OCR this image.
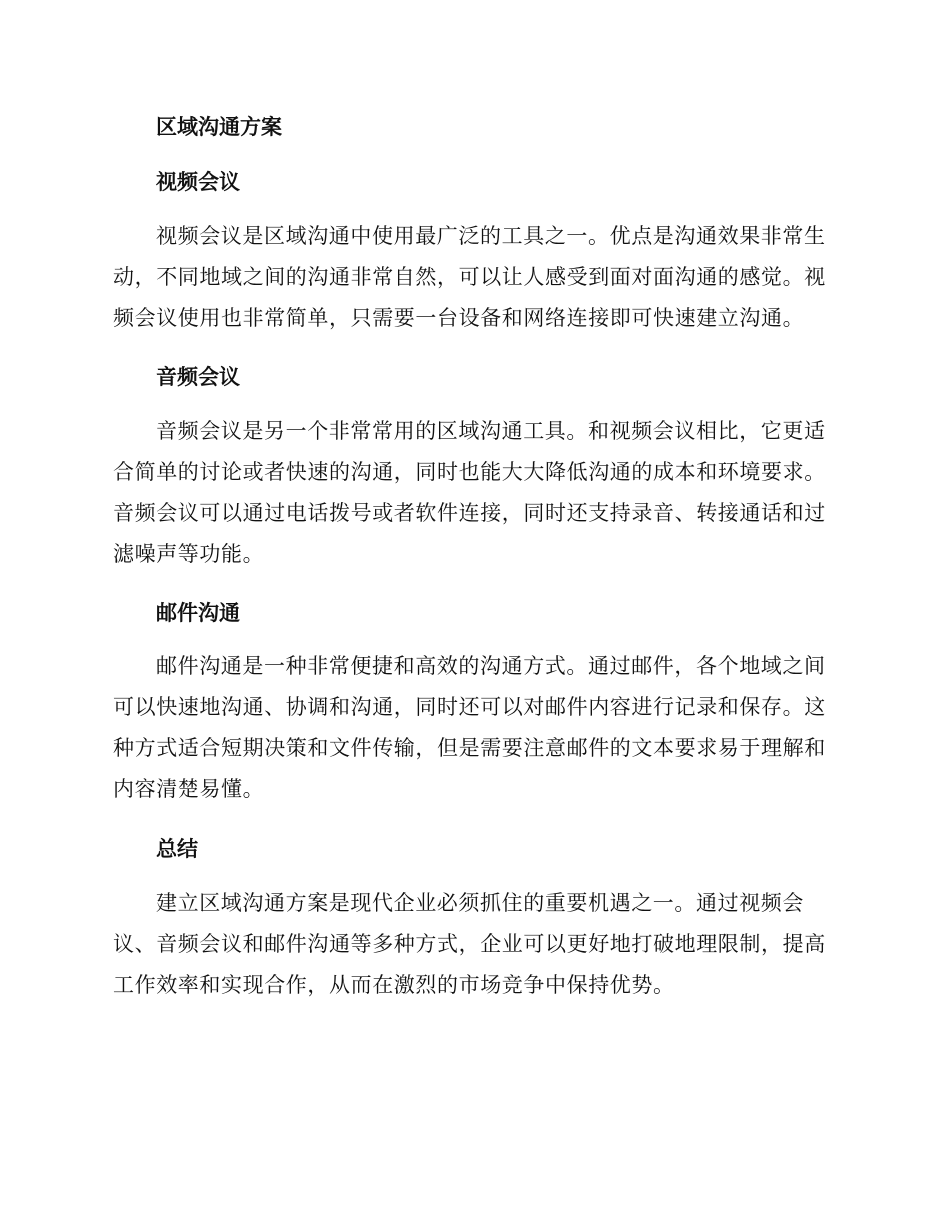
区域沟通方案
视频会议

视频会议是区域沟通中使用最广泛的工具之一。优点是沟通效果非常生动，不同地域之间的沟通非常自然，可以让人感受到面对面沟通的感觉。视频会议使用也非常简单，只需要一台设备和网络连接即可快速建立沟通。

音频会议

音频会议是另一个非常常用的区域沟通工具。和视频会议相比，它更适合简单的讨论或者快速的沟通，同时也能大大降低沟通的成本和环境要求。音频会议可以通过电话拨号或者软件连接，同时还支持录音、转接通话和过滤噪声等功能。

邮件沟通

邮件沟通是一种非常便捷和高效的沟通方式。通过邮件，各个地域之间可以快速地沟通、协调和沟通，同时还可以对邮件内容进行记录和保存。这种方式适合短期决策和文件传输，但是需要注意邮件的文本要求易于理解和内容清楚易懂。

总结

建立区域沟通方案是现代企业必须抓住的重要机遇之一。通过视频会议、音频会议和邮件沟通等多种方式，企业可以更好地打破地理限制，提高工作效率和实现合作，从而在激烈的市场竞争中保持优势。
